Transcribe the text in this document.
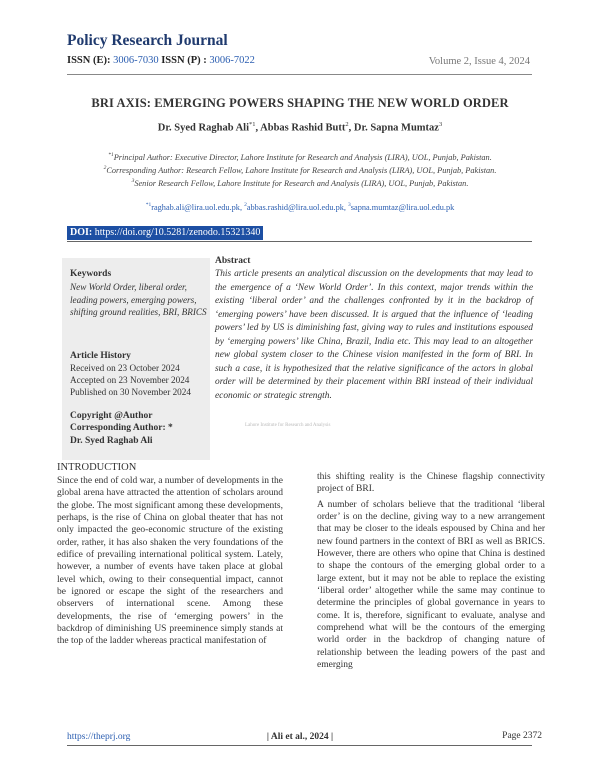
Policy Research Journal
ISSN (E): 3006-7030 ISSN (P) : 3006-7022	Volume 2, Issue 4, 2024
BRI AXIS: EMERGING POWERS SHAPING THE NEW WORLD ORDER
Dr. Syed Raghab Ali$^{*1}$, Abbas Rashid Butt$^2$, Dr. Sapna Mumtaz$^3$
$^{*1}$Principal Author: Executive Director, Lahore Institute for Research and Analysis (LIRA), UOL, Punjab, Pakistan.
$^2$Corresponding Author: Research Fellow, Lahore Institute for Research and Analysis (LIRA), UOL, Punjab, Pakistan.
$^3$Senior Research Fellow, Lahore Institute for Research and Analysis (LIRA), UOL, Punjab, Pakistan.
$^{*1}$raghab.ali@lira.uol.edu.pk, $^2$abbas.rashid@lira.uol.edu.pk, $^3$sapna.mumtaz@lira.uol.edu.pk
DOI: https://doi.org/10.5281/zenodo.15321340
Keywords
New World Order, liberal order, leading powers, emerging powers, shifting ground realities, BRI, BRICS
Article History
Received on 23 October 2024
Accepted on 23 November 2024
Published on 30 November 2024
Copyright @Author
Corresponding Author: *
Dr. Syed Raghab Ali
Abstract
This article presents an analytical discussion on the developments that may lead to the emergence of a ‘New World Order’. In this context, major trends within the existing ‘liberal order’ and the challenges confronted by it in the backdrop of ‘emerging powers’ have been discussed. It is argued that the influence of ‘leading powers’ led by US is diminishing fast, giving way to rules and institutions espoused by ‘emerging powers’ like China, Brazil, India etc. This may lead to an altogether new global system closer to the Chinese vision manifested in the form of BRI. In such a case, it is hypothesized that the relative significance of the actors in global order will be determined by their placement within BRI instead of their individual economic or strategic strength.
Lahore Institute for Research and Analysis
INTRODUCTION

Since the end of cold war, a number of developments in the global arena have attracted the attention of scholars around the globe. The most significant among these developments, perhaps, is the rise of China on global theater that has not only impacted the geo-economic structure of the existing order, rather, it has also shaken the very foundations of the edifice of prevailing international political system. Lately, however, a number of events have taken place at global level which, owing to their consequential impact, cannot be ignored or escape the sight of the researchers and observers of international scene. Among these developments, the rise of ‘emerging powers’ in the backdrop of diminishing US preeminence simply stands at the top of the ladder whereas practical manifestation of

this shifting reality is the Chinese flagship connectivity project of BRI.

A number of scholars believe that the traditional ‘liberal order’ is on the decline, giving way to a new arrangement that may be closer to the ideals espoused by China and her new found partners in the context of BRI as well as BRICS. However, there are others who opine that China is destined to shape the contours of the emerging global order to a large extent, but it may not be able to replace the existing ‘liberal order’ altogether while the same may continue to determine the principles of global governance in years to come. It is, therefore, significant to evaluate, analyse and comprehend what will be the contours of the emerging world order in the backdrop of changing nature of relationship between the leading powers of the past and emerging

https://theprj.org	| Ali et al., 2024 |	Page 2372
